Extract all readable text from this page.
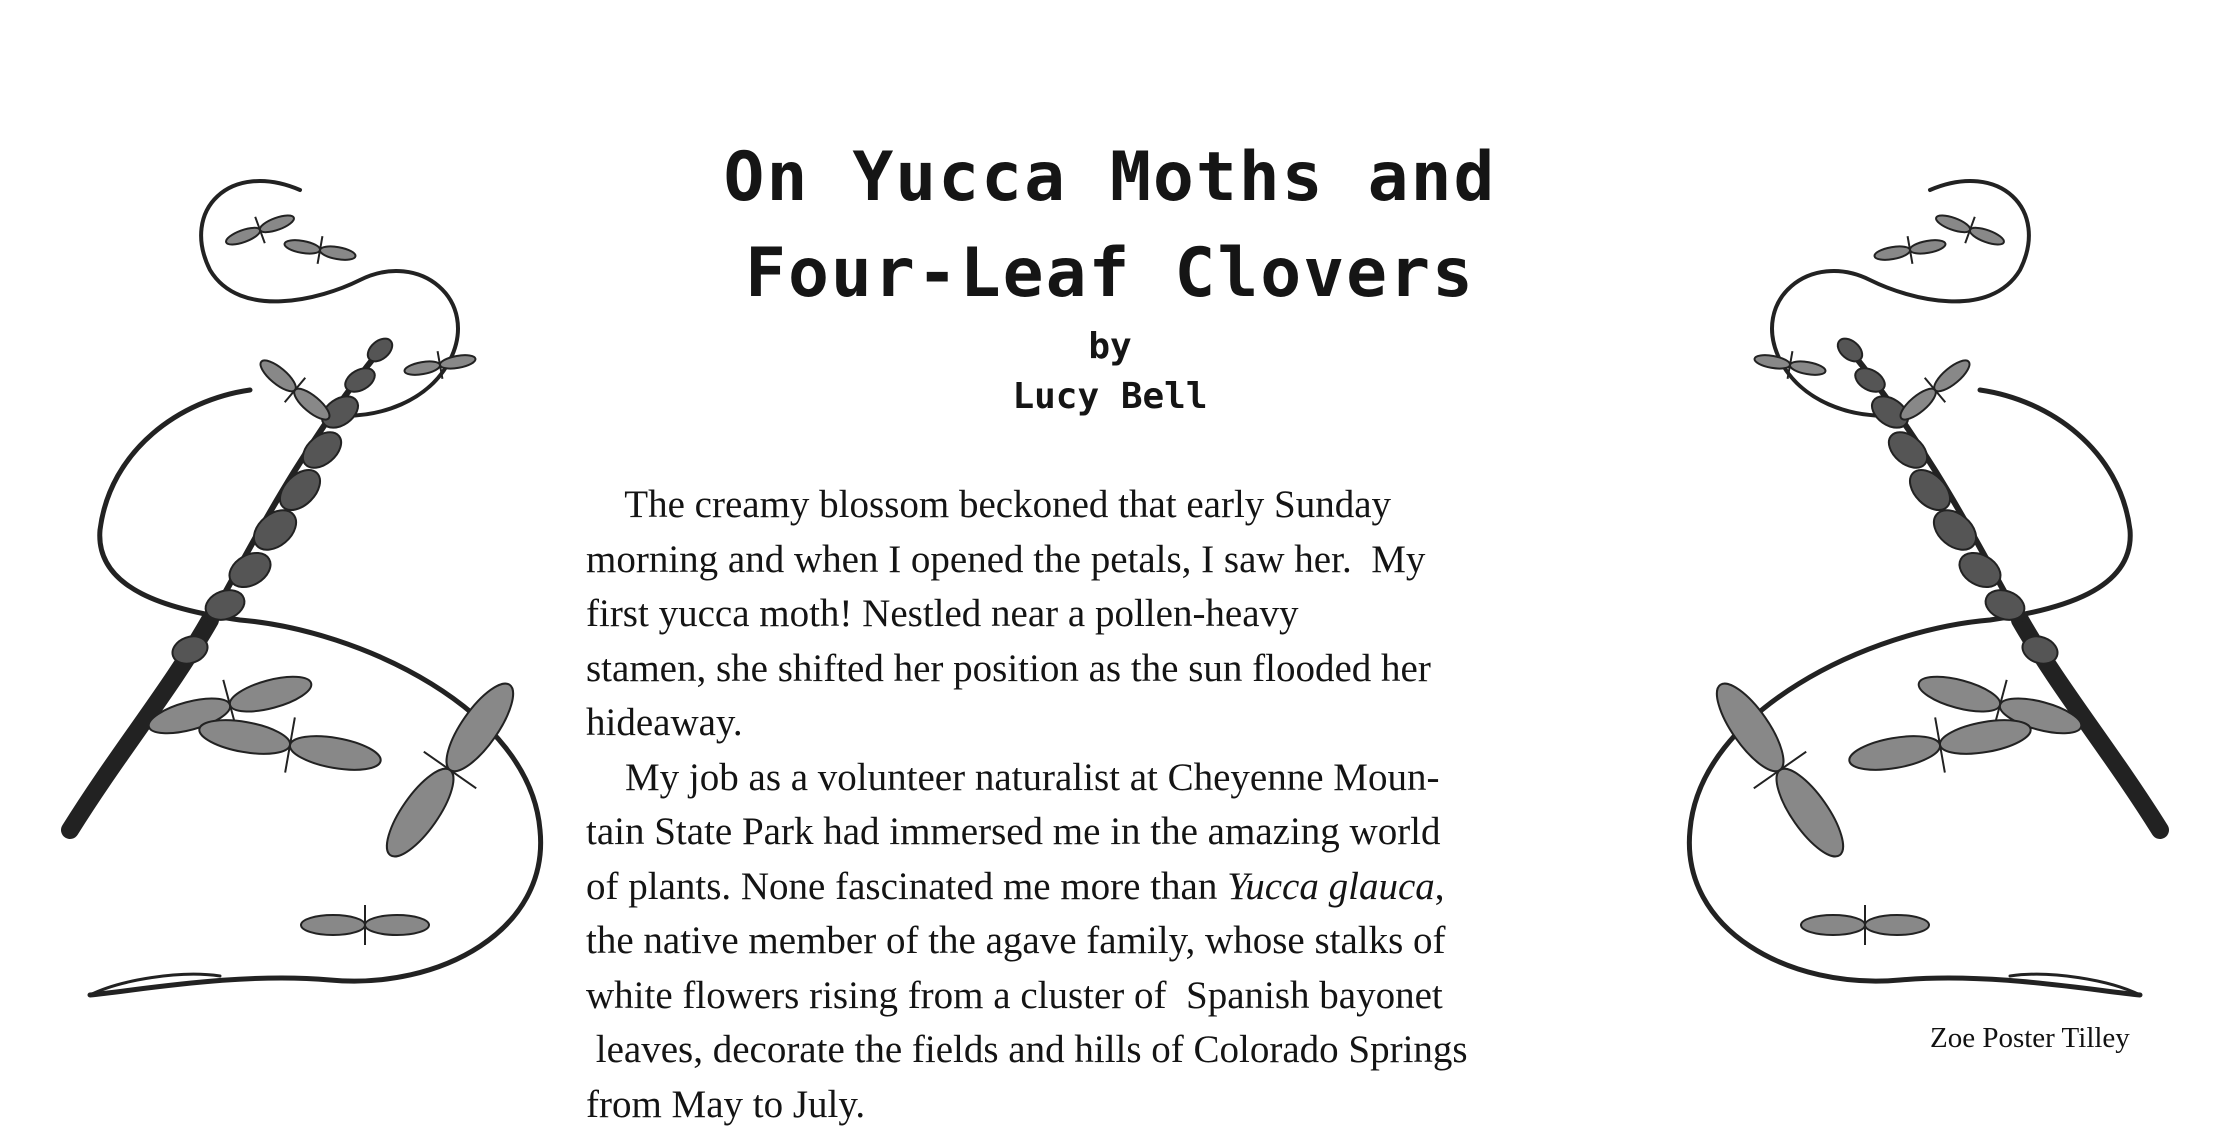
On Yucca Moths and
Four-Leaf Clovers
by
Lucy Bell
The creamy blossom beckoned that early Sunday
morning and when I opened the petals, I saw her.  My
first yucca moth! Nestled near a pollen-heavy
stamen, she shifted her position as the sun flooded her
hideaway.
My job as a volunteer naturalist at Cheyenne Moun-
tain State Park had immersed me in the amazing world
of plants. None fascinated me more than Yucca glauca,
the native member of the agave family, whose stalks of
white flowers rising from a cluster of  Spanish bayonet
leaves, decorate the fields and hills of Colorado Springs
from May to July.
Zoe Poster Tilley
